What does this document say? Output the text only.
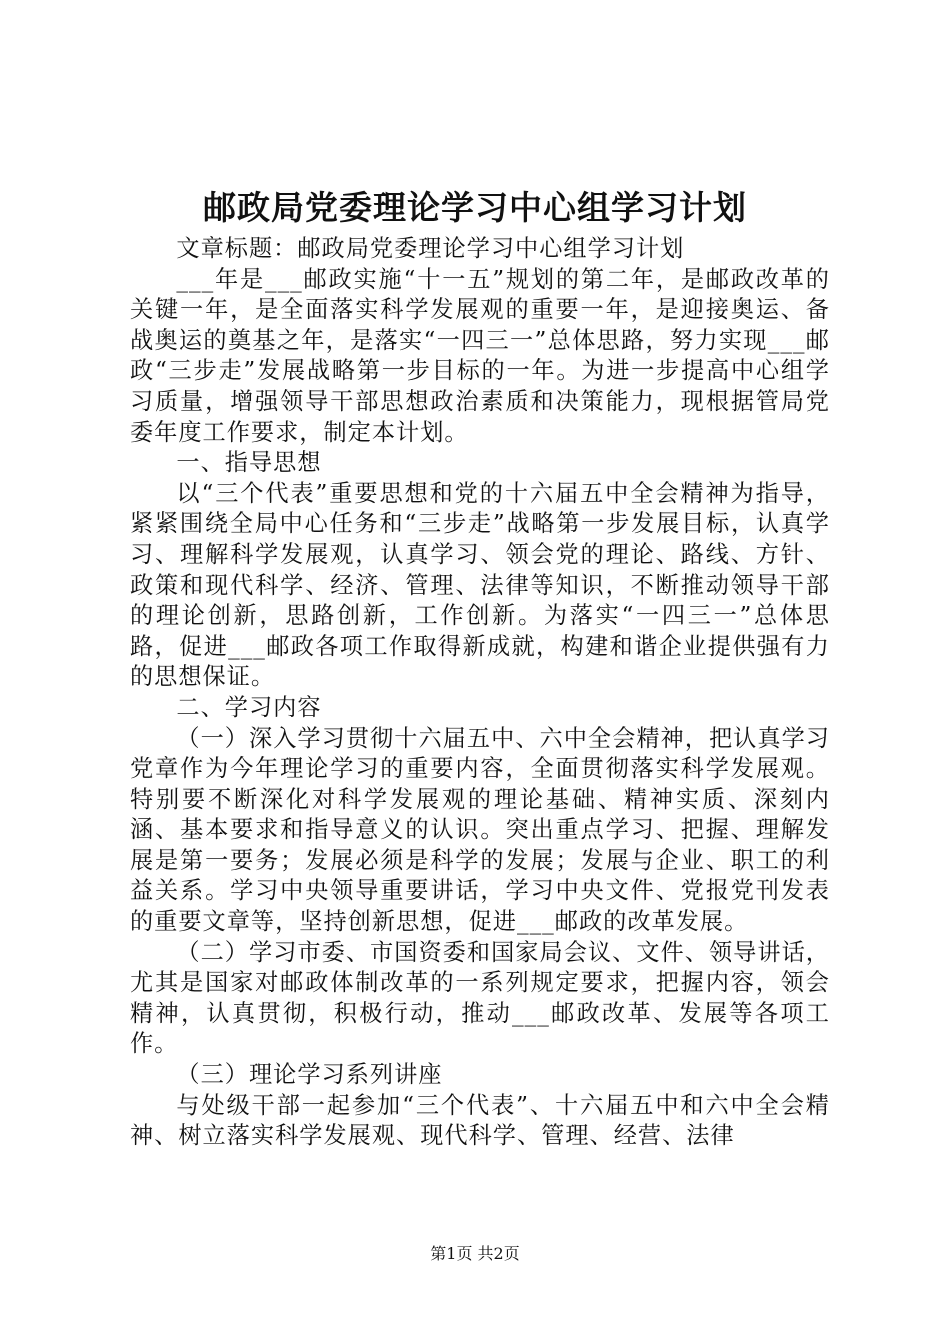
邮政局党委理论学习中心组学习计划

文章标题：邮政局党委理论学习中心组学习计划

___年是___邮政实施“十一五”规划的第二年，是邮政改革的关键一年，是全面落实科学发展观的重要一年，是迎接奥运、备战奥运的奠基之年，是落实“一四三一”总体思路，努力实现___邮政“三步走”发展战略第一步目标的一年。为进一步提高中心组学习质量，增强领导干部思想政治素质和决策能力，现根据管局党委年度工作要求，制定本计划。

一、指导思想

以“三个代表”重要思想和党的十六届五中全会精神为指导，紧紧围绕全局中心任务和“三步走”战略第一步发展目标，认真学习、理解科学发展观，认真学习、领会党的理论、路线、方针、政策和现代科学、经济、管理、法律等知识，不断推动领导干部的理论创新，思路创新，工作创新。为落实“一四三一”总体思路，促进___邮政各项工作取得新成就，构建和谐企业提供强有力的思想保证。

二、学习内容

（一）深入学习贯彻十六届五中、六中全会精神，把认真学习党章作为今年理论学习的重要内容，全面贯彻落实科学发展观。特别要不断深化对科学发展观的理论基础、精神实质、深刻内涵、基本要求和指导意义的认识。突出重点学习、把握、理解发展是第一要务；发展必须是科学的发展；发展与企业、职工的利益关系。学习中央领导重要讲话，学习中央文件、党报党刊发表的重要文章等，坚持创新思想，促进___邮政的改革发展。

（二）学习市委、市国资委和国家局会议、文件、领导讲话，尤其是国家对邮政体制改革的一系列规定要求，把握内容，领会精神，认真贯彻，积极行动，推动___邮政改革、发展等各项工作。

（三）理论学习系列讲座

与处级干部一起参加“三个代表”、十六届五中和六中全会精神、树立落实科学发展观、现代科学、管理、经营、法律

第1页 共2页
